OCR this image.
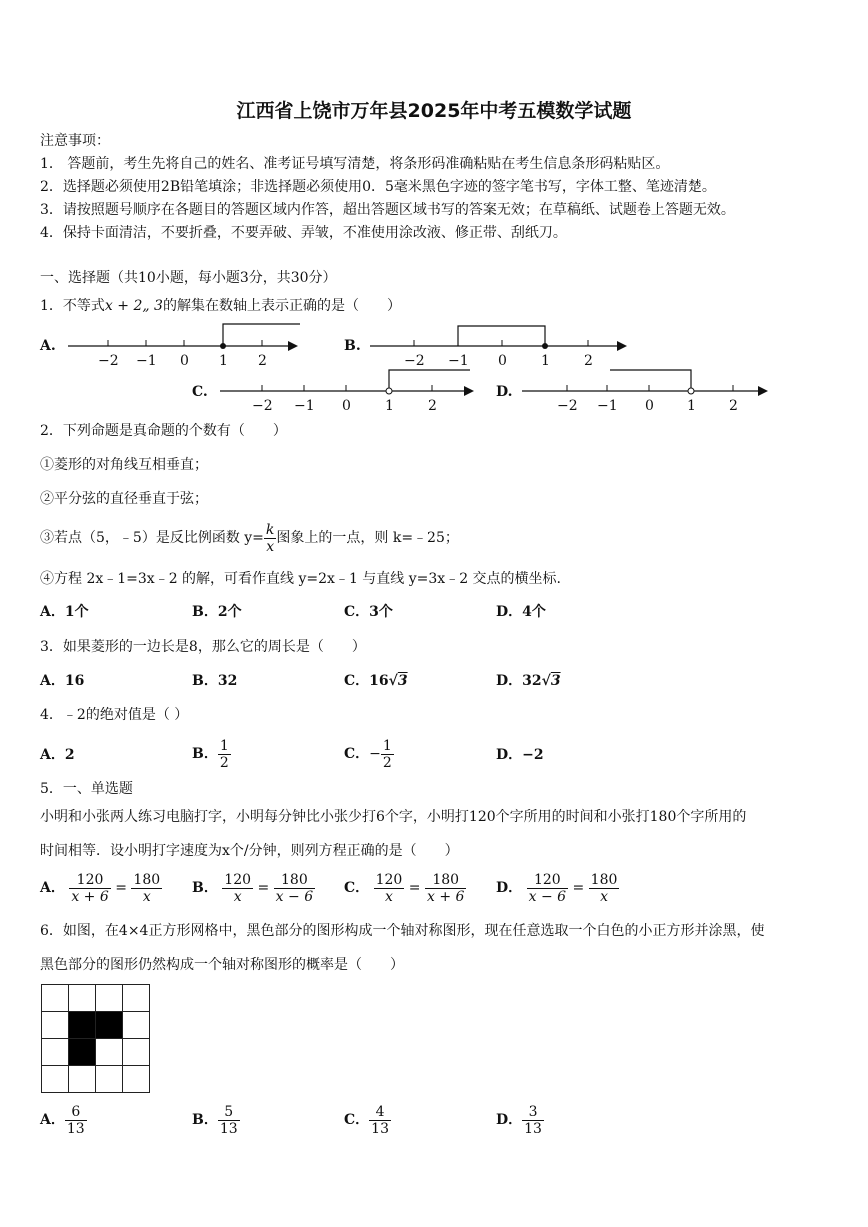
江西省上饶市万年县2025年中考五模数学试题
注意事项：
1． 答题前，考生先将自己的姓名、准考证号填写清楚，将条形码准确粘贴在考生信息条形码粘贴区。
2．选择题必须使用2B铅笔填涂；非选择题必须使用0．5毫米黑色字迹的签字笔书写，字体工整、笔迹清楚。
3．请按照题号顺序在各题目的答题区域内作答，超出答题区域书写的答案无效；在草稿纸、试题卷上答题无效。
4．保持卡面清洁，不要折叠，不要弄破、弄皱，不准使用涂改液、修正带、刮纸刀。
一、选择题（共10小题，每小题3分，共30分）
1．不等式x + 2„ 3的解集在数轴上表示正确的是（　　）
A.
−2 −1 0 1 2
B.
−2 −1 0 1 2
C.
−2 −1 0 1 2
D.
−2 −1 0 1 2
2．下列命题是真命题的个数有（　　）
①菱形的对角线互相垂直；
②平分弦的直径垂直于弦；
③若点（5，﹣5）是反比例函数 $y= \frac{k}{x}$ 图象上的一点，则 k=﹣25；
④方程 2x﹣1=3x﹣2 的解，可看作直线 y=2x﹣1 与直线 y=3x﹣2 交点的横坐标.
A．1个	B．2个	C．3个	D．4个
3．如果菱形的一边长是8，那么它的周长是（　　）
A．16	B．32	C．16√3	D．32√3
4．﹣2的绝对值是（ ）
A．2	B． $\frac{1}{2}$	C．− $\frac{1}{2}$	D．−2
5．一、单选题
小明和小张两人练习电脑打字，小明每分钟比小张少打6个字，小明打120个字所用的时间和小张打180个字所用的
时间相等．设小明打字速度为x个/分钟，则列方程正确的是（　　）
A． $\frac{120}{x + 6} = \frac{180}{x}$ B． $\frac{120}{x} = \frac{180}{x - 6}$ C． $\frac{120}{x} = \frac{180}{x + 6}$ D． $\frac{120}{x - 6} = \frac{180}{x}$
6．如图，在4×4正方形网格中，黑色部分的图形构成一个轴对称图形，现在任意选取一个白色的小正方形并涂黑，使
黑色部分的图形仍然构成一个轴对称图形的概率是（　　）

A． $\frac{6}{13}$	B． $\frac{5}{13}$	C． $\frac{4}{13}$	D． $\frac{3}{13}$
